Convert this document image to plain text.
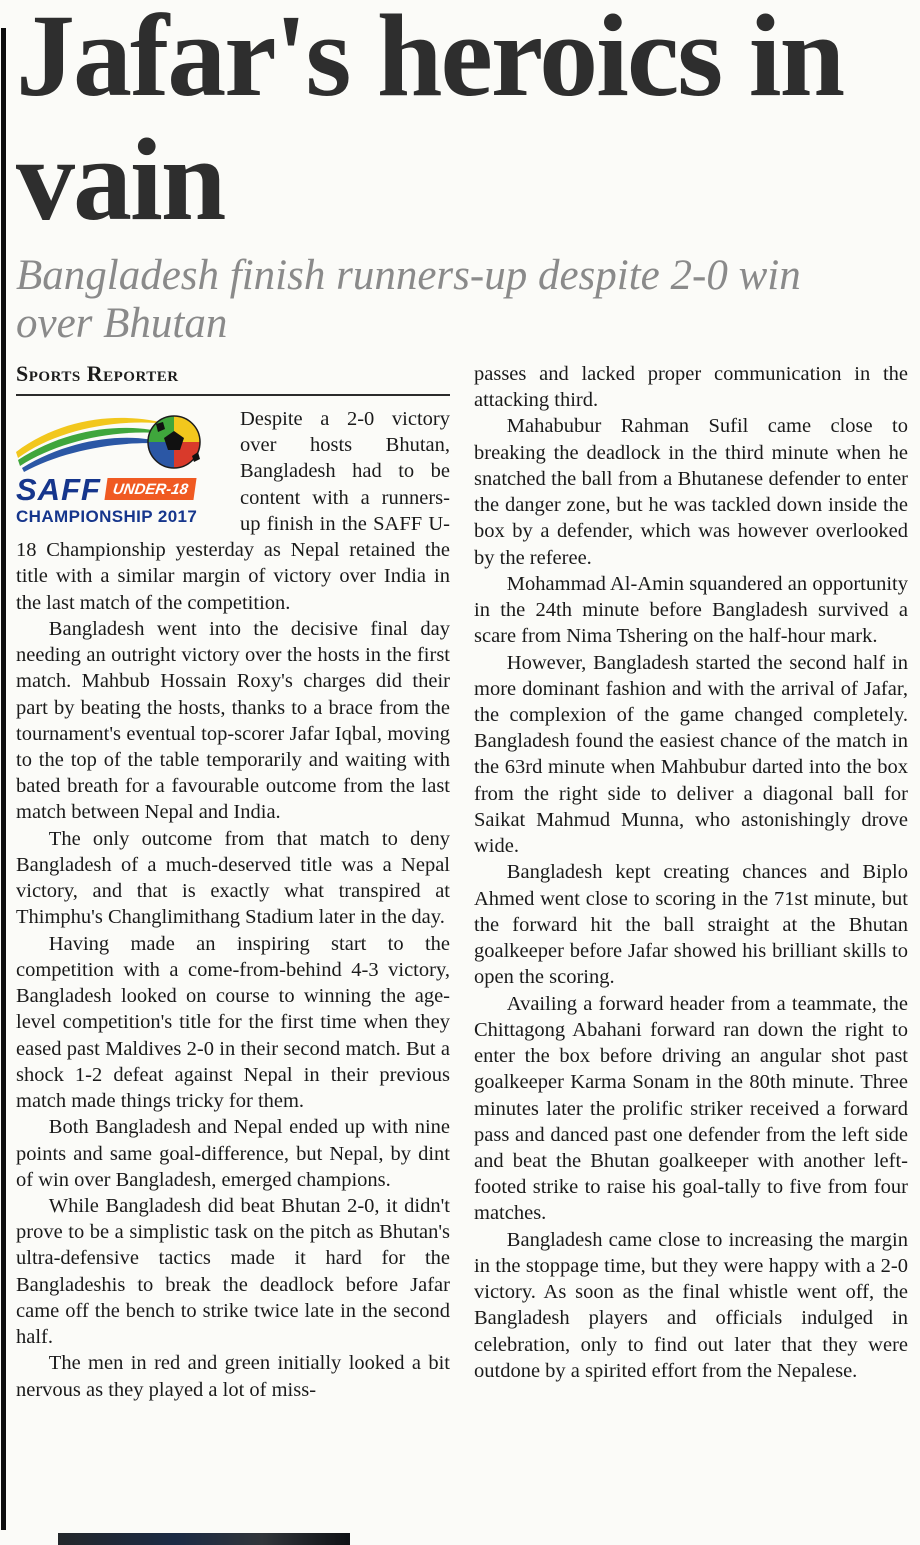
Jafar's heroics in vain
Bangladesh finish runners-up despite 2-0 win over Bhutan
Sports Reporter

SAFF UNDER-18
CHAMPIONSHIP 2017
Despite a 2-0 victory over hosts Bhutan, Bangladesh had to be content with a runners-up finish in the SAFF U-18 Championship yesterday as Nepal retained the title with a similar margin of victory over India in the last match of the competition.

Bangladesh went into the decisive final day needing an outright victory over the hosts in the first match. Mahbub Hossain Roxy's charges did their part by beating the hosts, thanks to a brace from the tournament's eventual top-scorer Jafar Iqbal, moving to the top of the table temporarily and waiting with bated breath for a favourable outcome from the last match between Nepal and India.

The only outcome from that match to deny Bangladesh of a much-deserved title was a Nepal victory, and that is exactly what transpired at Thimphu's Changlimithang Stadium later in the day.

Having made an inspiring start to the competition with a come-from-behind 4-3 victory, Bangladesh looked on course to winning the age-level competition's title for the first time when they eased past Maldives 2-0 in their second match. But a shock 1-2 defeat against Nepal in their previous match made things tricky for them.

Both Bangladesh and Nepal ended up with nine points and same goal-difference, but Nepal, by dint of win over Bangladesh, emerged champions.

While Bangladesh did beat Bhutan 2-0, it didn't prove to be a simplistic task on the pitch as Bhutan's ultra-defensive tactics made it hard for the Bangladeshis to break the deadlock before Jafar came off the bench to strike twice late in the second half.

The men in red and green initially looked a bit nervous as they played a lot of miss-

passes and lacked proper communication in the attacking third.

Mahabubur Rahman Sufil came close to breaking the deadlock in the third minute when he snatched the ball from a Bhutanese defender to enter the danger zone, but he was tackled down inside the box by a defender, which was however overlooked by the referee.

Mohammad Al-Amin squandered an opportunity in the 24th minute before Bangladesh survived a scare from Nima Tshering on the half-hour mark.

However, Bangladesh started the second half in more dominant fashion and with the arrival of Jafar, the complexion of the game changed completely. Bangladesh found the easiest chance of the match in the 63rd minute when Mahbubur darted into the box from the right side to deliver a diagonal ball for Saikat Mahmud Munna, who astonishingly drove wide.

Bangladesh kept creating chances and Biplo Ahmed went close to scoring in the 71st minute, but the forward hit the ball straight at the Bhutan goalkeeper before Jafar showed his brilliant skills to open the scoring.

Availing a forward header from a teammate, the Chittagong Abahani forward ran down the right to enter the box before driving an angular shot past goalkeeper Karma Sonam in the 80th minute. Three minutes later the prolific striker received a forward pass and danced past one defender from the left side and beat the Bhutan goalkeeper with another left-footed strike to raise his goal-tally to five from four matches.

Bangladesh came close to increasing the margin in the stoppage time, but they were happy with a 2-0 victory. As soon as the final whistle went off, the Bangladesh players and officials indulged in celebration, only to find out later that they were outdone by a spirited effort from the Nepalese.
